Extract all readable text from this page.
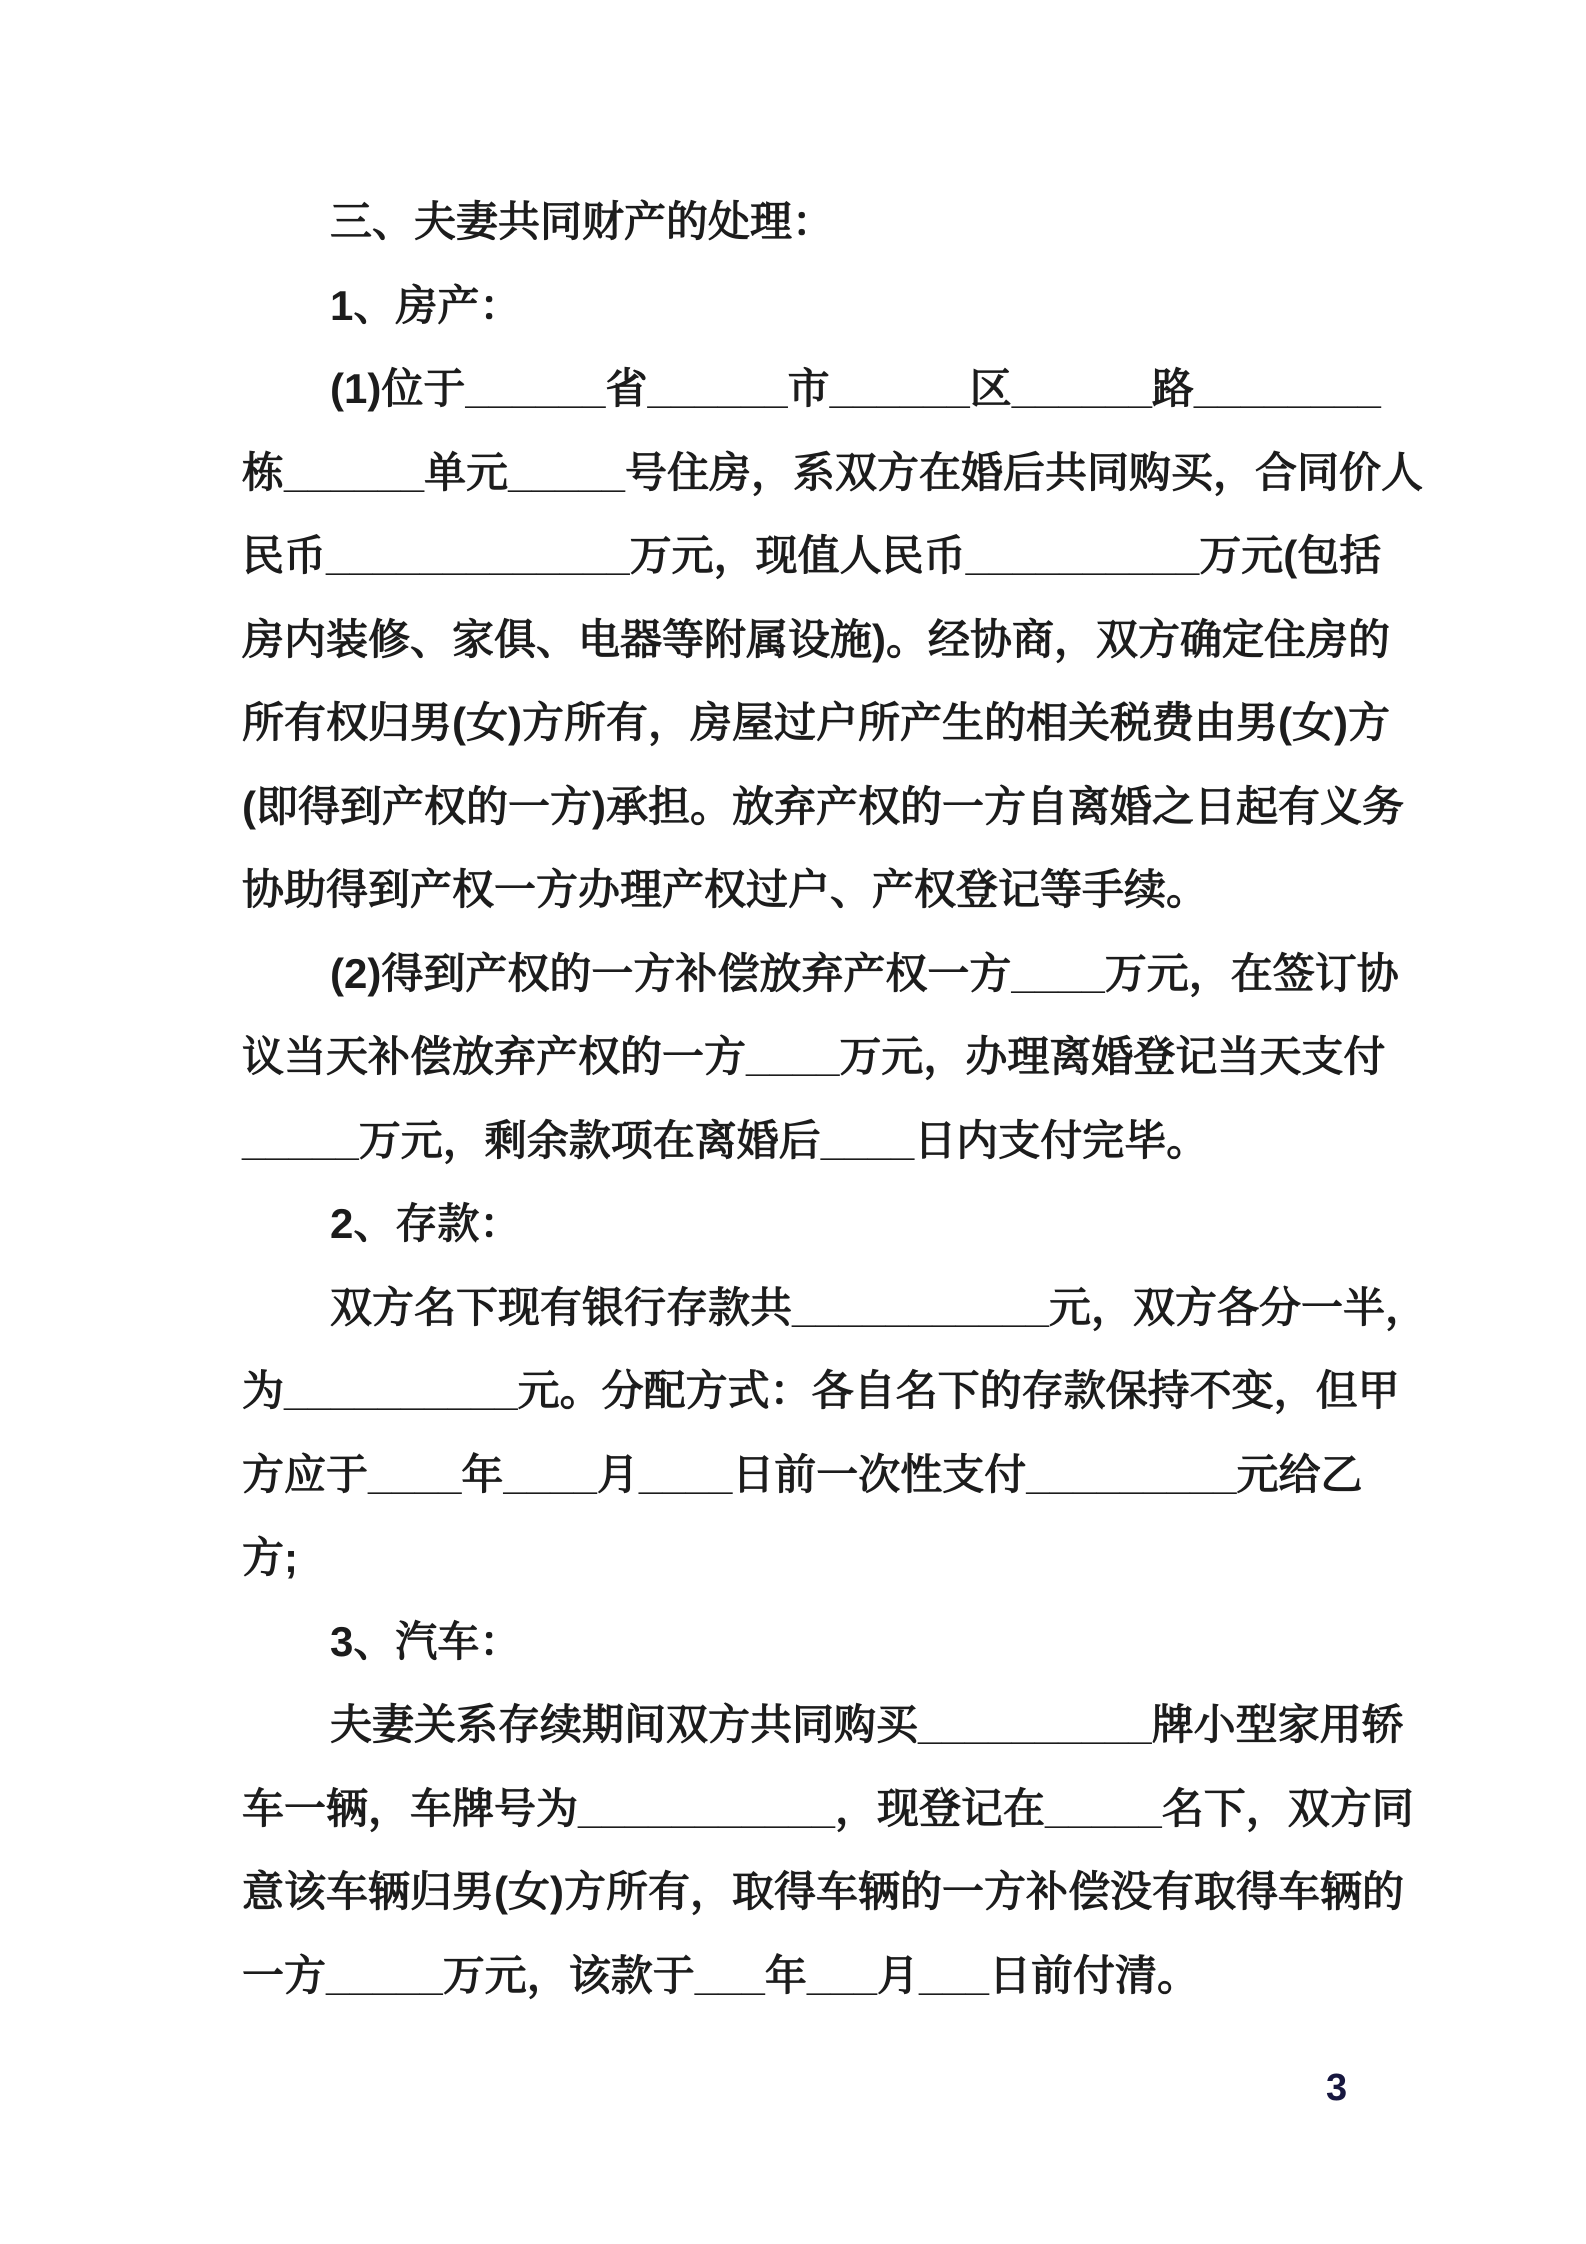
三、夫妻共同财产的处理：
1、房产：
(1)位于______省______市______区______路________
栋______单元_____号住房，系双方在婚后共同购买，合同价人
民币_____________万元，现值人民币__________万元(包括
房内装修、家俱、电器等附属设施)。经协商，双方确定住房的
所有权归男(女)方所有，房屋过户所产生的相关税费由男(女)方
(即得到产权的一方)承担。放弃产权的一方自离婚之日起有义务
协助得到产权一方办理产权过户、产权登记等手续。
(2)得到产权的一方补偿放弃产权一方____万元，在签订协
议当天补偿放弃产权的一方____万元，办理离婚登记当天支付
_____万元，剩余款项在离婚后____日内支付完毕。
2、存款：
双方名下现有银行存款共___________元，双方各分一半，
为__________元。分配方式：各自名下的存款保持不变，但甲
方应于____年____月____日前一次性支付_________元给乙
方;
3、汽车：
夫妻关系存续期间双方共同购买__________牌小型家用轿
车一辆，车牌号为___________，现登记在_____名下，双方同
意该车辆归男(女)方所有，取得车辆的一方补偿没有取得车辆的
一方_____万元，该款于___年___月___日前付清。
3
